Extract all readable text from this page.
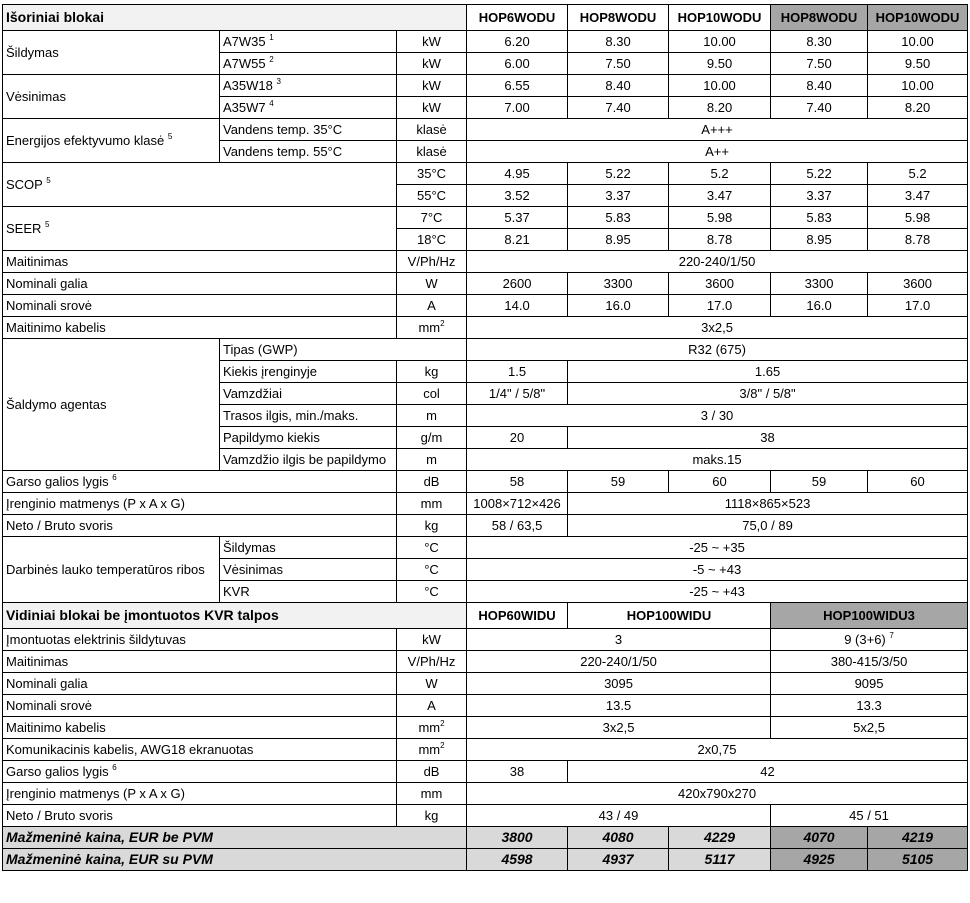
Išoriniai blokai			HOP6WODU	HOP8WODU	HOP10WODU	HOP8WODU	HOP10WODU
Šildymas	A7W35 $^1$	kW	6.20	8.30	10.00	8.30	10.00
	A7W55 $^2$	kW	6.00	7.50	9.50	7.50	9.50
Vėsinimas	A35W18 $^3$	kW	6.55	8.40	10.00	8.40	10.00
	A35W7 $^4$	kW	7.00	7.40	8.20	7.40	8.20
Energijos efektyvumo klasė $^5$	Vandens temp. 35°C	klasė	A+++				
	Vandens temp. 55°C	klasė	A++				
SCOP $^5$		35°C	4.95	5.22	5.2	5.22	5.2
		55°C	3.52	3.37	3.47	3.37	3.47
SEER $^5$		7°C	5.37	5.83	5.98	5.83	5.98
		18°C	8.21	8.95	8.78	8.95	8.78
Maitinimas		V/Ph/Hz	220-240/1/50				
Nominali galia		W	2600	3300	3600	3300	3600
Nominali srovė		A	14.0	16.0	17.0	16.0	17.0
Maitinimo kabelis		$mm^2$	3x2,5				
Šaldymo agentas	Tipas (GWP)		R32 (675)				
	Kiekis įrenginyje	kg	1.5	1.65			
	Vamzdžiai	col	1/4" / 5/8"	3/8" / 5/8"			
	Trasos ilgis, min./maks.	m	3 / 30				
	Papildymo kiekis	g/m	20	38			
	Vamzdžio ilgis be papildymo	m	maks.15				
Garso galios lygis $^6$		dB	58	59	60	59	60
Įrenginio matmenys (P x A x G)		mm	1008×712×426	1118×865×523			
Neto / Bruto svoris		kg	58 / 63,5	75,0 / 89			
Darbinės lauko temperatūros ribos	Šildymas	°C	-25 ~ +35				
	Vėsinimas	°C	-5 ~ +43				
	KVR	°C	-25 ~ +43				
Vidiniai blokai be įmontuotos KVR talpos			HOP60WIDU	HOP100WIDU		HOP100WIDU3	
Įmontuotas elektrinis šildytuvas		kW	3			9 (3+6) $^7$
Maitinimas		V/Ph/Hz	220-240/1/50			380-415/3/50	
Nominali galia		W	3095			9095	
Nominali srovė		A	13.5			13.3	
Maitinimo kabelis		$mm^2$	3x2,5			5x2,5	
Komunikacinis kabelis, AWG18 ekranuotas		$mm^2$	2x0,75				
Garso galios lygis $^6$		dB	38	42			
Įrenginio matmenys (P x A x G)		mm	420x790x270				
Neto / Bruto svoris		kg	43 / 49			45 / 51	
Mažmeninė kaina, EUR be PVM			3800	4080	4229	4070	4219
Mažmeninė kaina, EUR su PVM			4598	4937	5117	4925	5105
